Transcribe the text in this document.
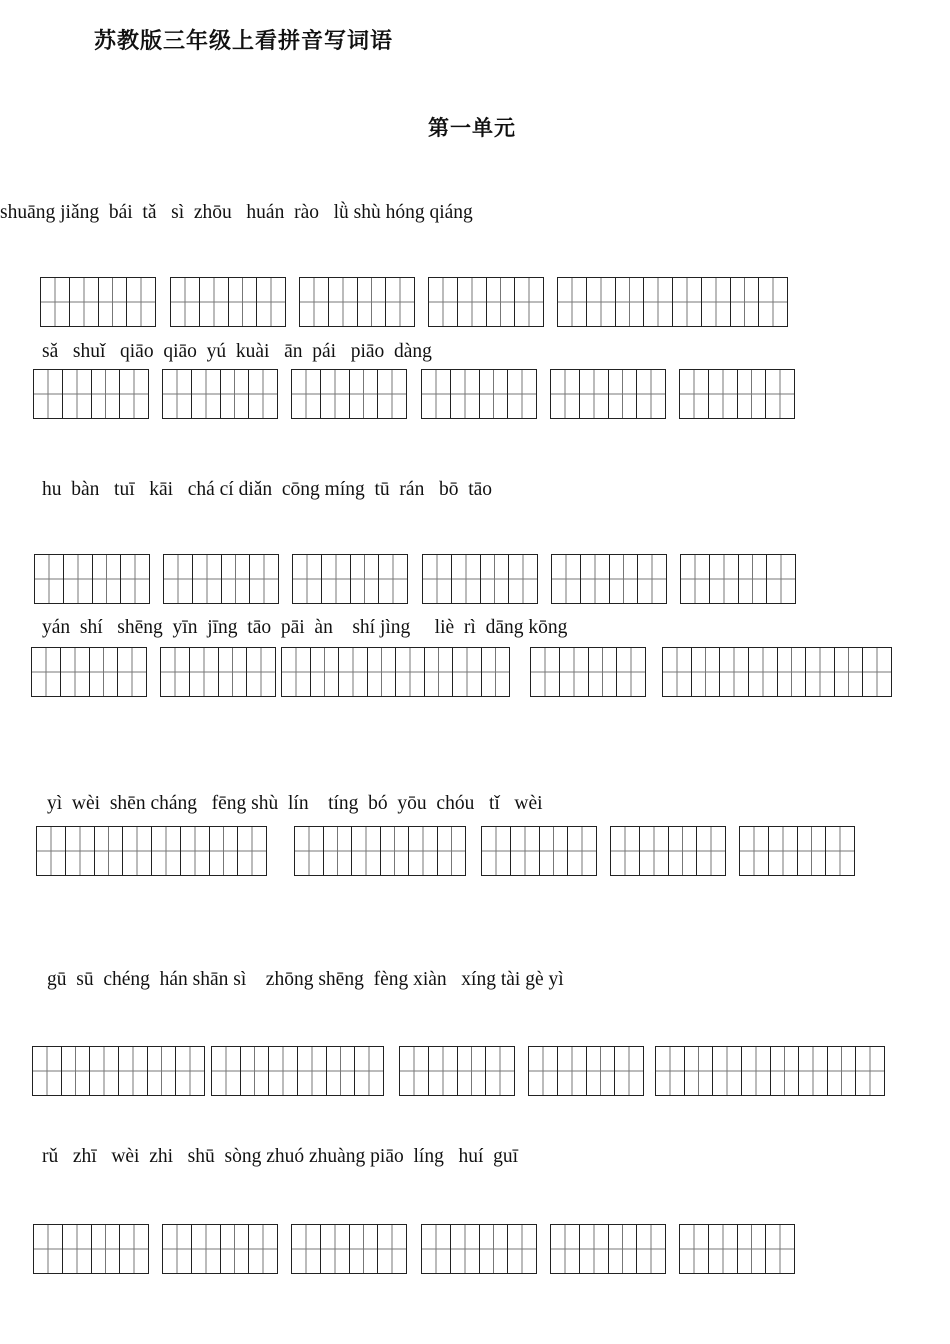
苏教版三年级上看拼音写词语
第一单元
shuāng jiǎng  bái  tǎ   sì  zhōu   huán  rào   lǜ shù hóng qiáng
sǎ   shuǐ   qiāo  qiāo  yú  kuài   ān  pái   piāo  dàng
hu  bàn   tuī   kāi   chá cí diǎn  cōng míng  tū  rán   bō  tāo
yán  shí   shēng  yīn  jīng  tāo  pāi  àn    shí jìng     liè  rì  dāng kōng
yì  wèi  shēn cháng   fēng shù  lín    tíng  bó  yōu  chóu   tǐ   wèi
gū  sū  chéng  hán shān sì    zhōng shēng  fèng xiàn   xíng tài gè yì
rǔ   zhī   wèi  zhi   shū  sòng zhuó zhuàng piāo  líng   huí  guī
